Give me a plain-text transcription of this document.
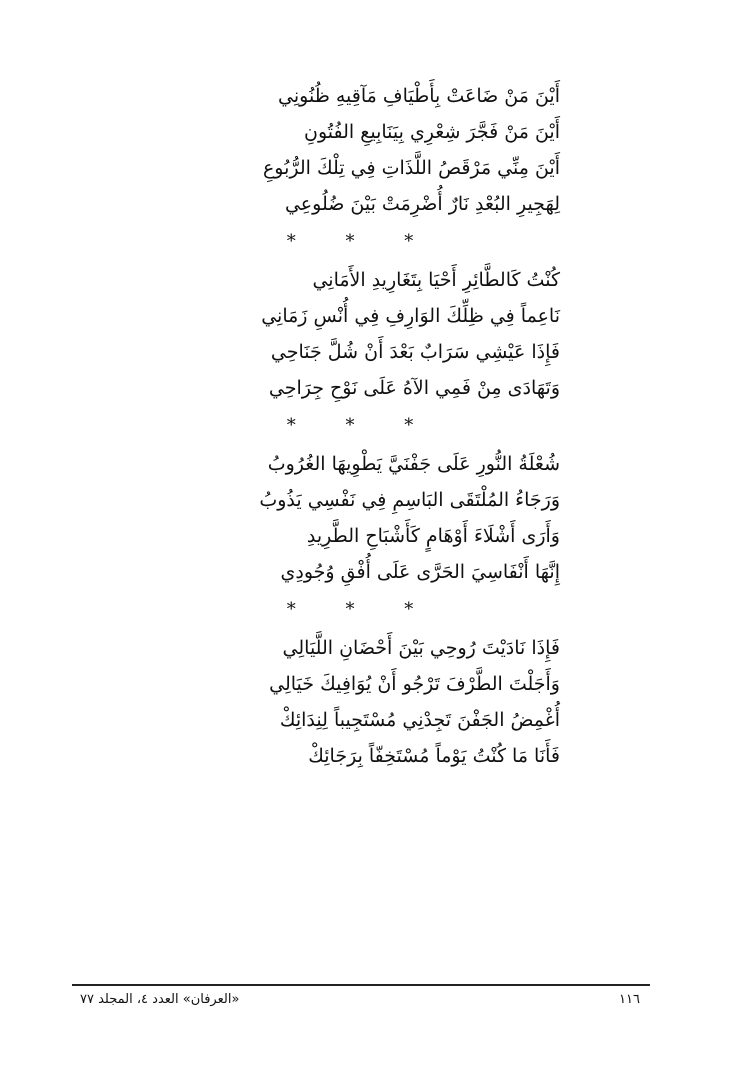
أَيْنَ مَنْ ضَاعَتْ بِأَطْيَافِ مَآقِيهِ ظُنُونِي
أَيْنَ مَنْ فَجَّرَ شِعْرِي بِيَنَابِيعِ الفُتُونِ
أَيْنَ مِنِّي مَرْقَصُ اللَّذَاتِ فِي تِلْكَ الرُّبُوعِ
لِهَجِيرِ البُعْدِ نَارٌ أُضْرِمَتْ بَيْنَ ضُلُوعِي
* * *
كُنْتُ كَالطَّائِرِ أَحْيَا بِتَغَارِيدِ الأَمَانِي
نَاعِماً فِي ظِلِّكَ الوَارِفِ فِي أُنْسِ زَمَانِي
فَإِذَا عَيْشِي سَرَابٌ بَعْدَ أَنْ شُلَّ جَنَاحِي
وَتَهَادَى مِنْ فَمِي الآهُ عَلَى نَوْحِ جِرَاحِي
* * *
شُعْلَةُ النُّورِ عَلَى جَفْنَيَّ يَطْوِيهَا الغُرُوبُ
وَرَجَاءُ المُلْتَقَى البَاسِمِ فِي نَفْسِي يَذُوبُ
وَأَرَى أَشْلَاءَ أَوْهَامٍ كَأَشْبَاحِ الطَّرِيدِ
إِنَّهَا أَنْفَاسِيَ الحَرَّى عَلَى أُفْقِ وُجُودِي
* * *
فَإِذَا نَادَيْتَ رُوحِي بَيْنَ أَحْضَانِ اللَّيَالِي
وَأَجَلْتَ الطَّرْفَ تَرْجُو أَنْ يُوَافِيكَ خَيَالِي
أُغْمِضُ الجَفْنَ تَجِدْنِي مُسْتَجِيباً لِنِدَائِكْ
فَأَنَا مَا كُنْتُ يَوْماً مُسْتَخِفّاً بِرَجَائِكْ
١١٦
«العرفان» العدد ٤، المجلد ٧٧
